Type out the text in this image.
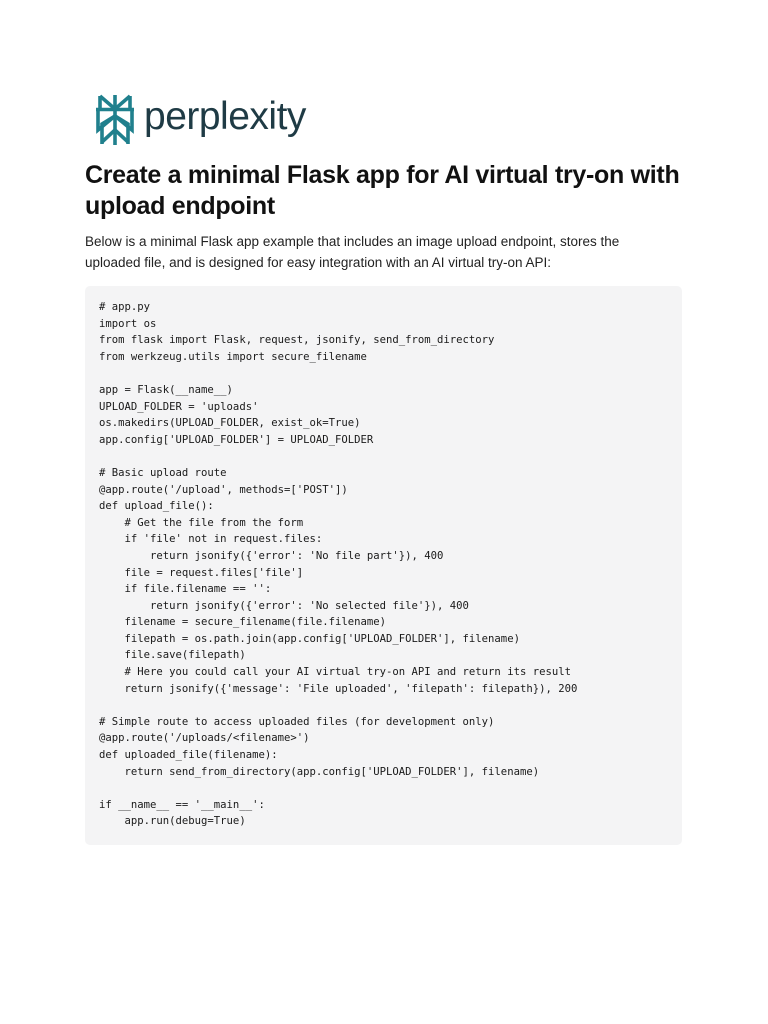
perplexity
Create a minimal Flask app for AI virtual try-on with upload endpoint

Below is a minimal Flask app example that includes an image upload endpoint, stores the uploaded file, and is designed for easy integration with an AI virtual try-on API:

# app.py
import os
from flask import Flask, request, jsonify, send_from_directory
from werkzeug.utils import secure_filename

app = Flask(__name__)
UPLOAD_FOLDER = 'uploads'
os.makedirs(UPLOAD_FOLDER, exist_ok=True)
app.config['UPLOAD_FOLDER'] = UPLOAD_FOLDER

# Basic upload route
@app.route('/upload', methods=['POST'])
def upload_file():
# Get the file from the form
if 'file' not in request.files:
return jsonify({'error': 'No file part'}), 400
file = request.files['file']
if file.filename == '':
return jsonify({'error': 'No selected file'}), 400
filename = secure_filename(file.filename)
filepath = os.path.join(app.config['UPLOAD_FOLDER'], filename)
file.save(filepath)
# Here you could call your AI virtual try-on API and return its result
return jsonify({'message': 'File uploaded', 'filepath': filepath}), 200

# Simple route to access uploaded files (for development only)
@app.route('/uploads/<filename>')
def uploaded_file(filename):
return send_from_directory(app.config['UPLOAD_FOLDER'], filename)

if __name__ == '__main__':
app.run(debug=True)
